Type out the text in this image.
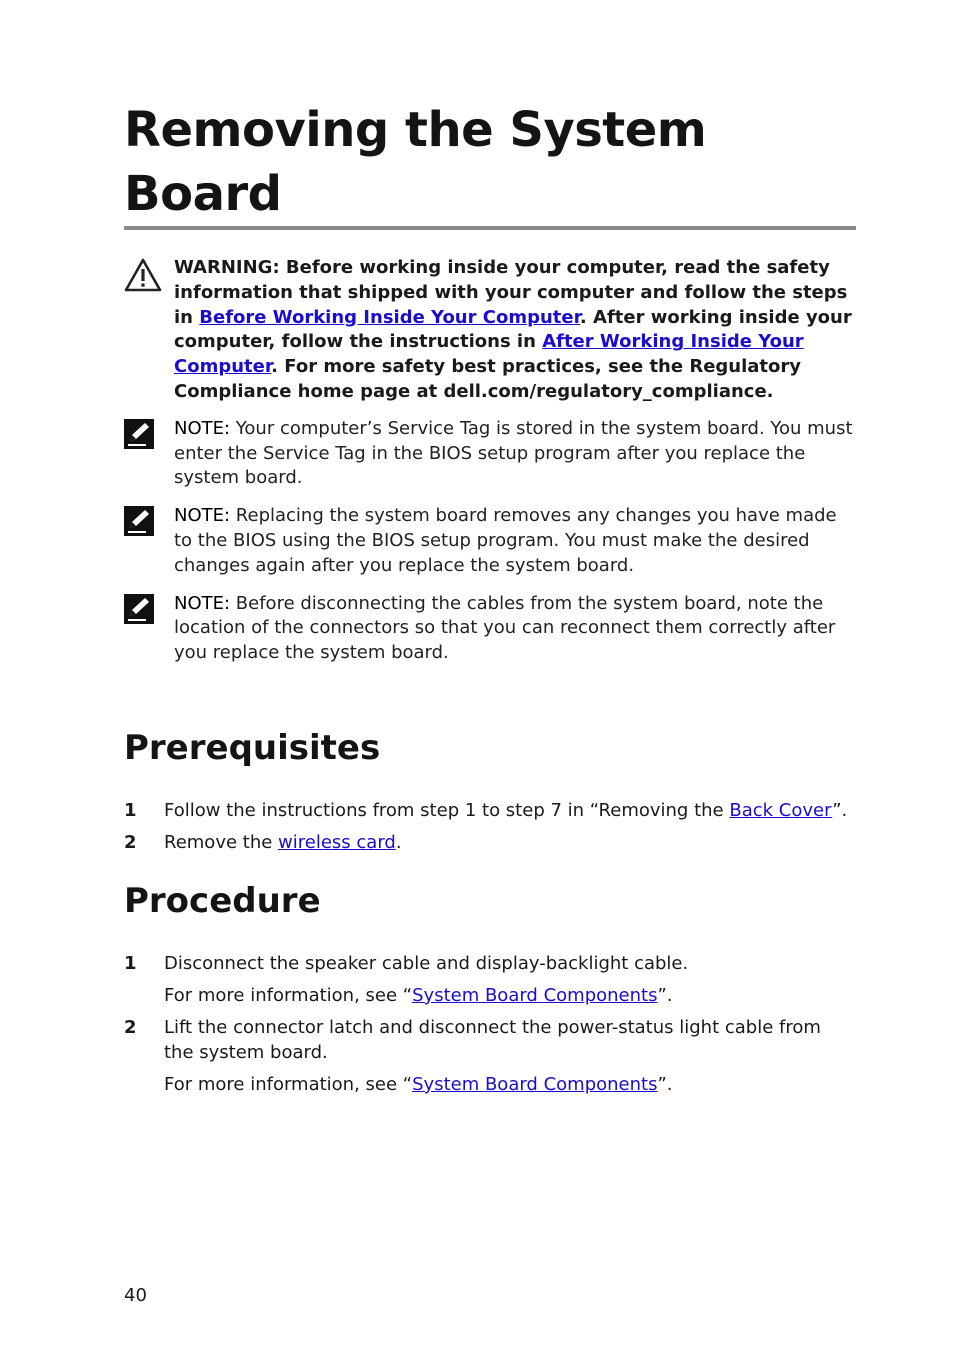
Removing the System Board
WARNING: Before working inside your computer, read the safety information that shipped with your computer and follow the steps in Before Working Inside Your Computer. After working inside your computer, follow the instructions in After Working Inside Your Computer. For more safety best practices, see the Regulatory Compliance home page at dell.com/regulatory_compliance.
NOTE: Your computer’s Service Tag is stored in the system board. You must enter the Service Tag in the BIOS setup program after you replace the system board.
NOTE: Replacing the system board removes any changes you have made to the BIOS using the BIOS setup program. You must make the desired changes again after you replace the system board.
NOTE: Before disconnecting the cables from the system board, note the location of the connectors so that you can reconnect them correctly after you replace the system board.
Prerequisites
1 Follow the instructions from step 1 to step 7 in “Removing the Back Cover”.
2 Remove the wireless card.
Procedure
1 Disconnect the speaker cable and display-backlight cable.
For more information, see “System Board Components”.
2 Lift the connector latch and disconnect the power-status light cable from the system board.
For more information, see “System Board Components”.
40
